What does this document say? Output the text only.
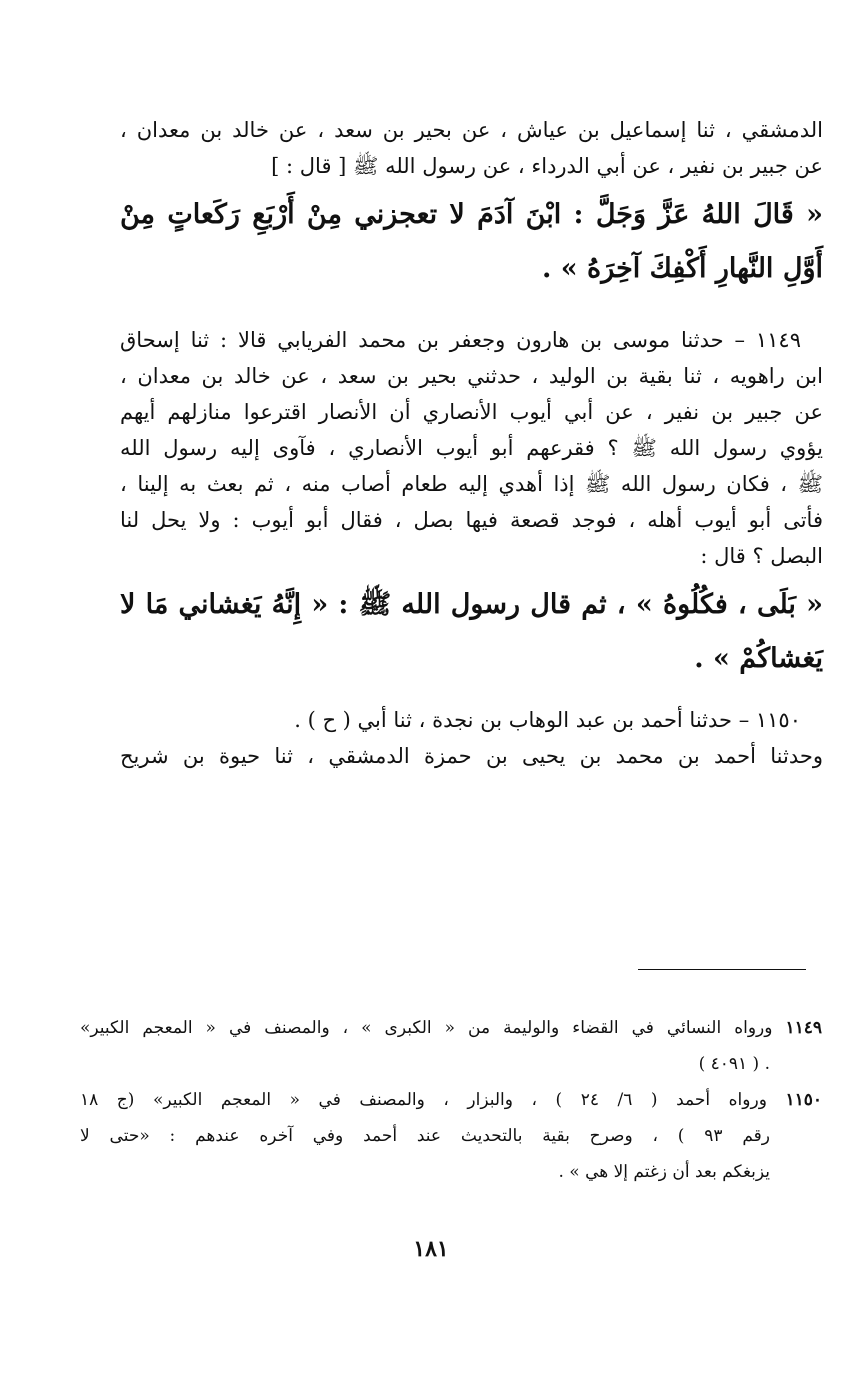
الدمشقي ، ثنا إسماعيل بن عياش ، عن بحير بن سعد ، عن خالد بن معدان ،
عن جبير بن نفير ، عن أبي الدرداء ، عن رسول الله ﷺ [ قال : ]
« قَالَ اللهُ عَزَّ وَجَلَّ : ابْنَ آدَمَ لا تعجزني مِنْ أَرْبَعِ رَكَعاتٍ مِنْ
أَوَّلِ النَّهارِ أَكْفِكَ آخِرَهُ » .
١١٤٩ – حدثنا موسى بن هارون وجعفر بن محمد الفريابي قالا : ثنا إسحاق
ابن راهويه ، ثنا بقية بن الوليد ، حدثني بحير بن سعد ، عن خالد بن معدان ،
عن جبير بن نفير ، عن أبي أيوب الأنصاري أن الأنصار اقترعوا منازلهم أيهم
يؤوي رسول الله ﷺ ؟ فقرعهم أبو أيوب الأنصاري ، فآوى إليه رسول الله
ﷺ ، فكان رسول الله ﷺ إذا أهدي إليه طعام أصاب منه ، ثم بعث به إلينا ،
فأتى أبو أيوب أهله ، فوجد قصعة فيها بصل ، فقال أبو أيوب : ولا يحل لنا
البصل ؟ قال :
« بَلَى ، فكُلُوهُ » ، ثم قال رسول الله ﷺ : « إِنَّهُ يَغشاني مَا لا
يَغشاكُمْ » .
١١٥٠ – حدثنا أحمد بن عبد الوهاب بن نجدة ، ثنا أبي ( ح ) .
وحدثنا أحمد بن محمد بن يحيى بن حمزة الدمشقي ، ثنا حيوة بن شريح
١١٤٩ ورواه النسائي في القضاء والوليمة من « الكبرى » ، والمصنف في « المعجم الكبير»
. ( ٤٠٩١ )
١١٥٠ ورواه أحمد ( ٦/ ٢٤ ) ، والبزار ، والمصنف في « المعجم الكبير» (ج ١٨
رقم ٩٣ ) ، وصرح بقية بالتحديث عند أحمد وفي آخره عندهم : «حتى لا
يزبغكم بعد أن زغتم إلا هي » .
١٨١
